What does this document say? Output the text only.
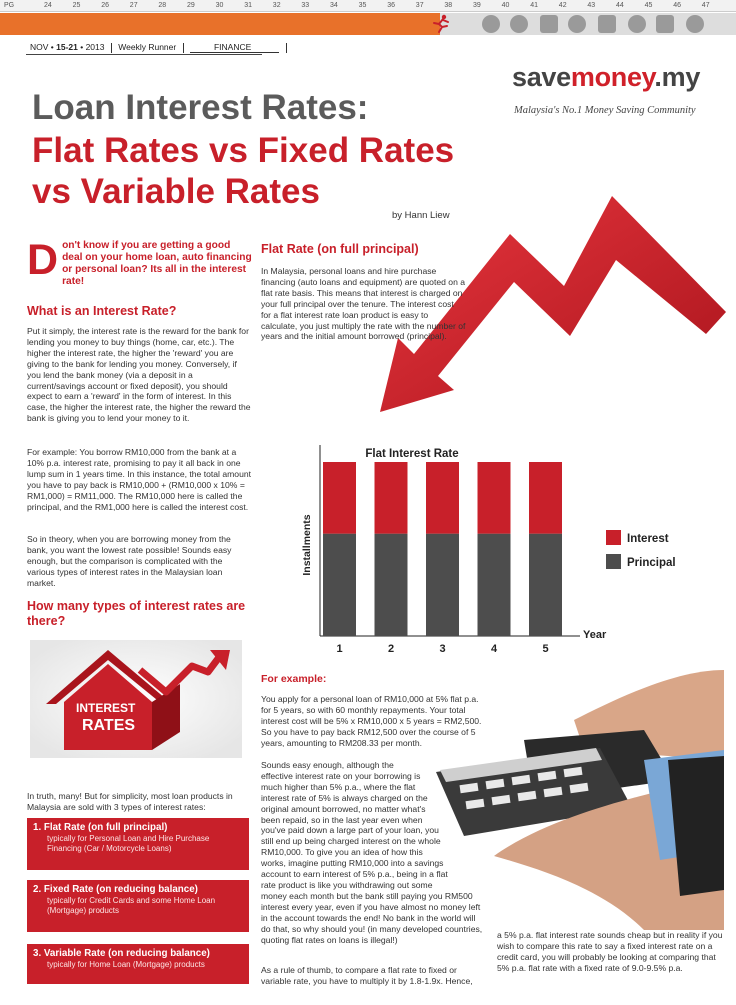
PG	24	25	26	27	28	29	30	31	32	33	34	35	36	37	38	39	40	41	42	43	44	45	46	47
NOV • 15-21 • 2013 Weekly Runner	FINANCE
savemoney.my
Malaysia's No.1 Money Saving Community
Loan Interest Rates:
Flat Rates vs Fixed Rates
vs Variable Rates
by Hann Liew
Don't know if you are getting a good deal on your home loan, auto financing or personal loan? Its all in the interest rate!
What is an Interest Rate?
Put it simply, the interest rate is the reward for the bank for lending you money to buy things (home, car, etc.). The higher the interest rate, the higher the 'reward' you are giving to the bank for lending you money. Conversely, if you lend the bank money (via a deposit in a current/savings account or fixed deposit), you should expect to earn a 'reward' in the form of interest. In this case, the higher the interest rate, the higher the reward the bank is giving you to lend your money to it.
For example: You borrow RM10,000 from the bank at a 10% p.a. interest rate, promising to pay it all back in one lump sum in 1 years time. In this instance, the total amount you have to pay back is RM10,000 + (RM10,000 x 10% = RM1,000) = RM11,000. The RM10,000 here is called the principal, and the RM1,000 here is called the interest cost.
So in theory, when you are borrowing money from the bank, you want the lowest rate possible! Sounds easy enough, but the comparison is complicated with the various types of interest rates in the Malaysian loan market.
How many types of interest rates are there?
INTEREST
RATES
In truth, many! But for simplicity, most loan products in Malaysia are sold with 3 types of interest rates:
1. Flat Rate (on full principal)
typically for Personal Loan and Hire Purchase Financing (Car / Motorcycle Loans)
2. Fixed Rate (on reducing balance)
typically for Credit Cards and some Home Loan (Mortgage) products
3. Variable Rate (on reducing balance)
typically for Home Loan (Mortgage) products
Flat Rate (on full principal)
In Malaysia, personal loans and hire purchase financing (auto loans and equipment) are quoted on a flat rate basis. This means that interest is charged on your full principal over the tenure. The interest cost for a flat interest rate loan product is easy to calculate, you just multiply the rate with the number of years and the initial amount borrowed (principal).
Flat Interest Rate
Installments
Year
1	2	3	4	5
Interest
Principal
For example:
You apply for a personal loan of RM10,000 at 5% flat p.a. for 5 years, so with 60 monthly repayments. Your total interest cost will be 5% x RM10,000 x 5 years = RM2,500. So you have to pay back RM12,500 over the course of 5 years, amounting to RM208.33 per month.
Sounds easy enough, although the effective interest rate on your borrowing is much higher than 5% p.a., where the flat interest rate of 5% is always charged on the original amount borrowed, no matter what's been repaid, so in the last year even when you've paid down a large part of your loan, you still end up being charged interest on the whole RM10,000. To give you an idea of how this works, imagine putting RM10,000 into a savings account to earn interest of 5% p.a., being in a flat rate product is like you withdrawing out some money each month but the bank still paying you RM500 interest every year, even if you have almost no money left in the account towards the end! No bank in the world will do that, so why should you! (in many developed countries, quoting flat rates on loans is illegal!)
As a rule of thumb, to compare a flat rate to fixed or variable rate, you have to multiply it by 1.8-1.9x. Hence,
a 5% p.a. flat interest rate sounds cheap but in reality if you wish to compare this rate to say a fixed interest rate on a credit card, you will probably be looking at comparing that 5% p.a. flat rate with a fixed rate of 9.0-9.5% p.a.
